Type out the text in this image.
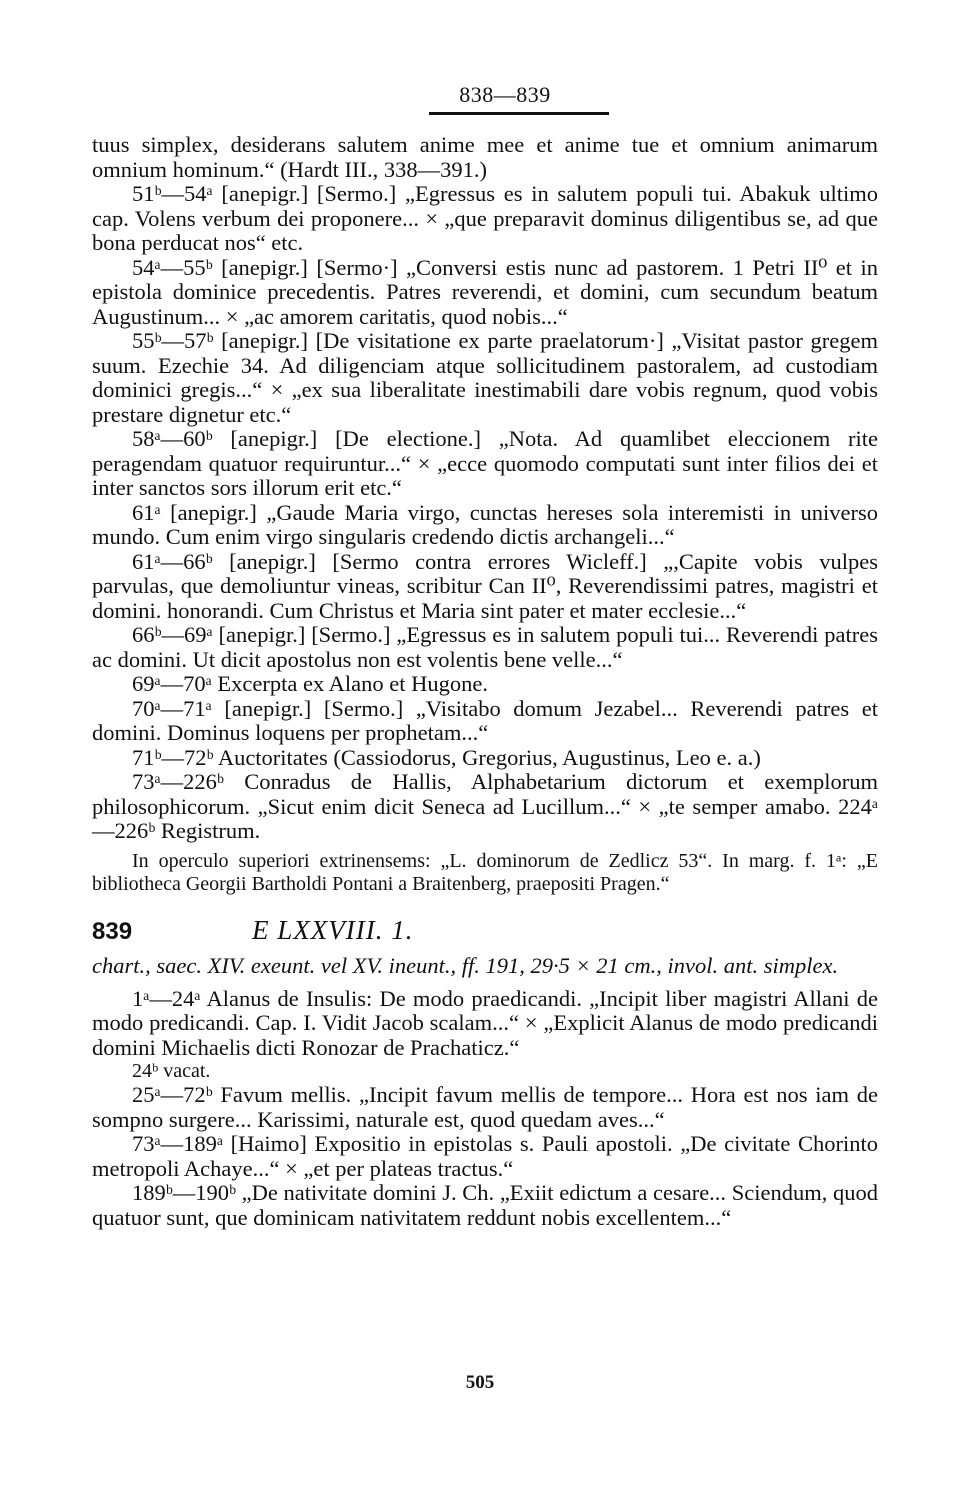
838—839

tuus simplex, desiderans salutem anime mee et anime tue et omnium animarum omnium hominum.“ (Hardt III., 338—391.)

51ᵇ—54ᵃ [anepigr.] [Sermo.] „Egressus es in salutem populi tui. Abakuk ultimo cap. Volens verbum dei proponere... × „que preparavit dominus diligentibus se, ad que bona perducat nos“ etc.

54ᵃ—55ᵇ [anepigr.] [Sermo·] „Conversi estis nunc ad pastorem. 1 Petri II⁰ et in epistola dominice precedentis. Patres reverendi, et domini, cum secundum beatum Augustinum... × „ac amorem caritatis, quod nobis...“

55ᵇ—57ᵇ [anepigr.] [De visitatione ex parte praelatorum·] „Visitat pastor gregem suum. Ezechie 34. Ad diligenciam atque sollicitudinem pastoralem, ad custodiam dominici gregis...“ × „ex sua liberalitate inestimabili dare vobis regnum, quod vobis prestare dignetur etc.“

58ᵃ—60ᵇ [anepigr.] [De electione.] „Nota. Ad quamlibet eleccionem rite peragendam quatuor requiruntur...“ × „ecce quomodo computati sunt inter filios dei et inter sanctos sors illorum erit etc.“

61ᵃ [anepigr.] „Gaude Maria virgo, cunctas hereses sola interemisti in universo mundo. Cum enim virgo singularis credendo dictis archangeli...“

61ᵃ—66ᵇ [anepigr.] [Sermo contra errores Wicleff.] „,Capite vobis vulpes parvulas, que demoliuntur vineas, scribitur Can II⁰, Reverendissimi patres, magistri et domini. honorandi. Cum Christus et Maria sint pater et mater ecclesie...“

66ᵇ—69ᵃ [anepigr.] [Sermo.] „Egressus es in salutem populi tui... Reverendi patres ac domini. Ut dicit apostolus non est volentis bene velle...“

69ᵃ—70ᵃ Excerpta ex Alano et Hugone.

70ᵃ—71ᵃ [anepigr.] [Sermo.] „Visitabo domum Jezabel... Reverendi patres et domini. Dominus loquens per prophetam...“

71ᵇ—72ᵇ Auctoritates (Cassiodorus, Gregorius, Augustinus, Leo e. a.)

73ᵃ—226ᵇ Conradus de Hallis, Alphabetarium dictorum et exemplorum philosophicorum. „Sicut enim dicit Seneca ad Lucillum...“ × „te semper amabo. 224ᵃ—226ᵇ Registrum.

In operculo superiori extrinensems: „L. dominorum de Zedlicz 53“. In marg. f. 1ᵃ: „E bibliotheca Georgii Bartholdi Pontani a Braitenberg, praepositi Pragen.“

839	E LXXVIII. 1.

chart., saec. XIV. exeunt. vel XV. ineunt., ff. 191, 29·5 × 21 cm., invol. ant. simplex.

1ᵃ—24ᵃ Alanus de Insulis: De modo praedicandi. „Incipit liber magistri Allani de modo predicandi. Cap. I. Vidit Jacob scalam...“ × „Explicit Alanus de modo predicandi domini Michaelis dicti Ronozar de Prachaticz.“

24ᵇ vacat.

25ᵃ—72ᵇ Favum mellis. „Incipit favum mellis de tempore... Hora est nos iam de sompno surgere... Karissimi, naturale est, quod quedam aves...“

73ᵃ—189ᵃ [Haimo] Expositio in epistolas s. Pauli apostoli. „De civitate Chorinto metropoli Achaye...“ × „et per plateas tractus.“

189ᵇ—190ᵇ „De nativitate domini J. Ch. „Exiit edictum a cesare... Sciendum, quod quatuor sunt, que dominicam nativitatem reddunt nobis excellentem...“

505
